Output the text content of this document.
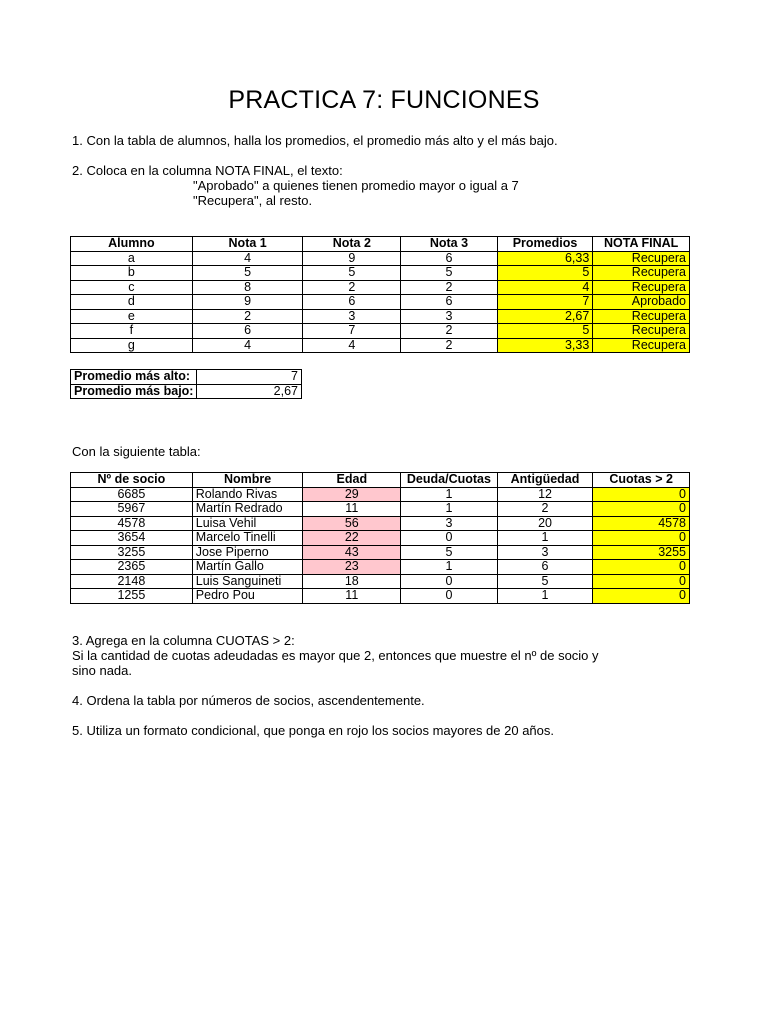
PRACTICA 7: FUNCIONES
1. Con la tabla de alumnos, halla los promedios, el promedio más alto y el más bajo.
2. Coloca en la columna NOTA FINAL, el texto:
"Aprobado" a quienes tienen promedio mayor o igual a 7
"Recupera", al resto.
Alumno	Nota 1	Nota 2	Nota 3	Promedios	NOTA FINAL
a	4	9	6	6,33	Recupera
b	5	5	5	5	Recupera
c	8	2	2	4	Recupera
d	9	6	6	7	Aprobado
e	2	3	3	2,67	Recupera
f	6	7	2	5	Recupera
g	4	4	2	3,33	Recupera
Promedio más alto:	7
Promedio más bajo:	2,67
Con la siguiente tabla:
Nº de socio	Nombre	Edad	Deuda/Cuotas	Antigüedad	Cuotas > 2
6685	Rolando Rivas	29	1	12	0
5967	Martín Redrado	11	1	2	0
4578	Luisa Vehil	56	3	20	4578
3654	Marcelo Tinelli	22	0	1	0
3255	Jose Piperno	43	5	3	3255
2365	Martín Gallo	23	1	6	0
2148	Luis Sanguineti	18	0	5	0
1255	Pedro Pou	11	0	1	0
3. Agrega en la columna CUOTAS > 2:
Si la cantidad de cuotas adeudadas es mayor que 2, entonces que muestre el nº de socio y
sino nada.
4. Ordena la tabla por números de socios, ascendentemente.
5. Utiliza un formato condicional, que ponga en rojo los socios mayores de 20 años.
